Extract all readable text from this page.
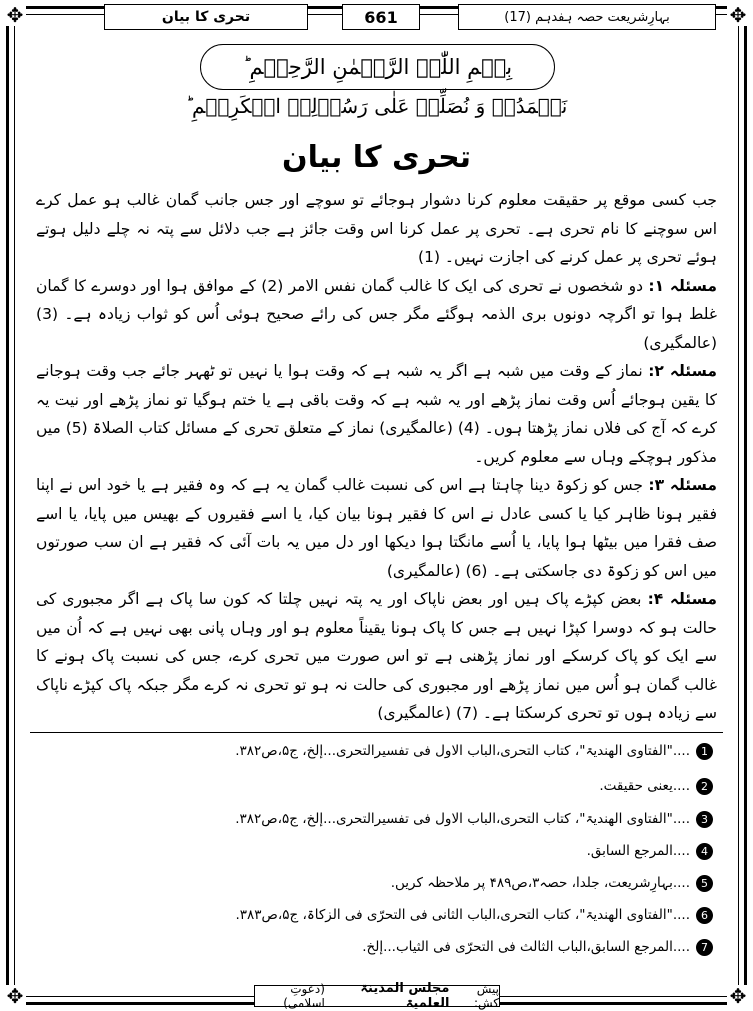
✥	✥
✥	✥
تحری کا بیان	661	بہارِشریعت حصہ ہفدہم (17)
بِسۡمِ اللّٰہِ الرَّحۡمٰنِ الرَّحِیۡمِ ؕ
نَحۡمَدُہٗ وَ نُصَلِّیۡ عَلٰی رَسُوۡلِہِ الۡکَرِیۡمِ ؕ
تحری کا بیان

جب کسی موقع پر حقیقت معلوم کرنا دشوار ہوجائے تو سوچے اور جس جانب گمان غالب ہو عمل کرے اس سوچنے کا نام تحری ہے۔ تحری پر عمل کرنا اس وقت جائز ہے جب دلائل سے پتہ نہ چلے دلیل ہوتے ہوئے تحری پر عمل کرنے کی اجازت نہیں۔ (1)

مسئلہ ۱: دو شخصوں نے تحری کی ایک کا غالب گمان نفس الامر (2) کے موافق ہوا اور دوسرے کا گمان غلط ہوا تو اگرچہ دونوں بری الذمہ ہوگئے مگر جس کی رائے صحیح ہوئی اُس کو ثواب زیادہ ہے۔ (3) (عالمگیری)

مسئلہ ۲: نماز کے وقت میں شبہ ہے اگر یہ شبہ ہے کہ وقت ہوا یا نہیں تو ٹھہر جائے جب وقت ہوجانے کا یقین ہوجائے اُس وقت نماز پڑھے اور یہ شبہ ہے کہ وقت باقی ہے یا ختم ہوگیا تو نماز پڑھے اور نیت یہ کرے کہ آج کی فلاں نماز پڑھتا ہوں۔ (4) (عالمگیری) نماز کے متعلق تحری کے مسائل کتاب الصلاۃ (5) میں مذکور ہوچکے وہاں سے معلوم کریں۔

مسئلہ ۳: جس کو زکوۃ دینا چاہتا ہے اس کی نسبت غالب گمان یہ ہے کہ وہ فقیر ہے یا خود اس نے اپنا فقیر ہونا ظاہر کیا یا کسی عادل نے اس کا فقیر ہونا بیان کیا، یا اسے فقیروں کے بھیس میں پایا، یا اسے صف فقرا میں بیٹھا ہوا پایا، یا اُسے مانگتا ہوا دیکھا اور دل میں یہ بات آئی کہ فقیر ہے ان سب صورتوں میں اس کو زکوۃ دی جاسکتی ہے۔ (6) (عالمگیری)

مسئلہ ۴: بعض کپڑے پاک ہیں اور بعض ناپاک اور یہ پتہ نہیں چلتا کہ کون سا پاک ہے اگر مجبوری کی حالت ہو کہ دوسرا کپڑا نہیں ہے جس کا پاک ہونا یقیناً معلوم ہو اور وہاں پانی بھی نہیں ہے کہ اُن میں سے ایک کو پاک کرسکے اور نماز پڑھنی ہے تو اس صورت میں تحری کرے، جس کی نسبت پاک ہونے کا غالب گمان ہو اُس میں نماز پڑھے اور مجبوری کی حالت نہ ہو تو تحری نہ کرے مگر جبکہ پاک کپڑے ناپاک سے زیادہ ہوں تو تحری کرسکتا ہے۔ (7) (عالمگیری)

1...."الفتاوی الھندیۃ"، کتاب التحری،الباب الاول فی تفسیرالتحری...إلخ، ج۵،ص۳۸۲.
2....یعنی حقیقت.
3...."الفتاوی الھندیۃ"، کتاب التحری،الباب الاول فی تفسیرالتحری...إلخ، ج۵،ص۳۸۲.
4....المرجع السابق.
5....بہارِشریعت، جلدا، حصہ۳،ص۴۸۹ پر ملاحظہ کریں.
6...."الفتاوی الھندیۃ"، کتاب التحری،الباب الثانی فی التحرّی فی الزکاۃ، ج۵،ص۳۸۳.
7....المرجع السابق،الباب الثالث فی التحرّی فی الثیاب...إلخ.
پیش کش:
مجلس المدینۃ العلمیۃ
(دعوتِ اسلامی)
